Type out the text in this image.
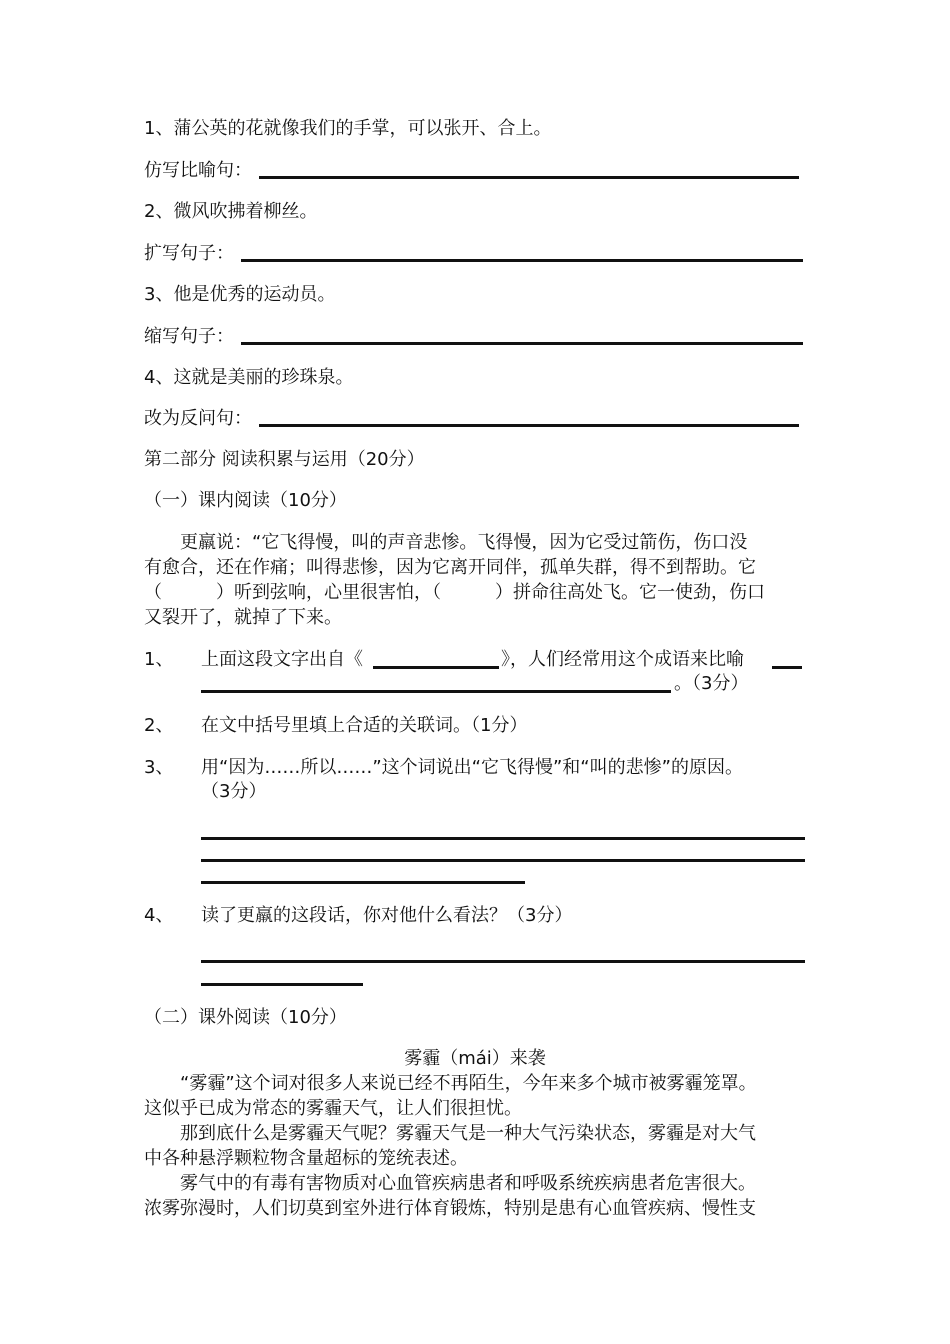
1、蒲公英的花就像我们的手掌，可以张开、合上。
仿写比喻句：
2、微风吹拂着柳丝。
扩写句子：
3、他是优秀的运动员。
缩写句子：
4、这就是美丽的珍珠泉。
改为反问句：
第二部分 阅读积累与运用（20分）
（一）课内阅读（10分）
　　更羸说：“它飞得慢，叫的声音悲惨。飞得慢，因为它受过箭伤，伤口没
有愈合，还在作痛；叫得悲惨，因为它离开同伴，孤单失群，得不到帮助。它
（　　　）听到弦响，心里很害怕，（　　　）拼命往高处飞。它一使劲，伤口
又裂开了，就掉了下来。
1、 上面这段文字出自《	》，人们经常用这个成语来比喻
。（3分）
2、 在文中括号里填上合适的关联词。（1分）
3、 用“因为……所以……”这个词说出“它飞得慢”和“叫的悲惨”的原因。
（3分）
4、 读了更羸的这段话，你对他什么看法？（3分）
（二）课外阅读（10分）
雾霾（mái）来袭
　　“雾霾”这个词对很多人来说已经不再陌生，今年来多个城市被雾霾笼罩。
这似乎已成为常态的雾霾天气，让人们很担忧。
　　那到底什么是雾霾天气呢？雾霾天气是一种大气污染状态，雾霾是对大气
中各种悬浮颗粒物含量超标的笼统表述。
　　雾气中的有毒有害物质对心血管疾病患者和呼吸系统疾病患者危害很大。
浓雾弥漫时，人们切莫到室外进行体育锻炼，特别是患有心血管疾病、慢性支
